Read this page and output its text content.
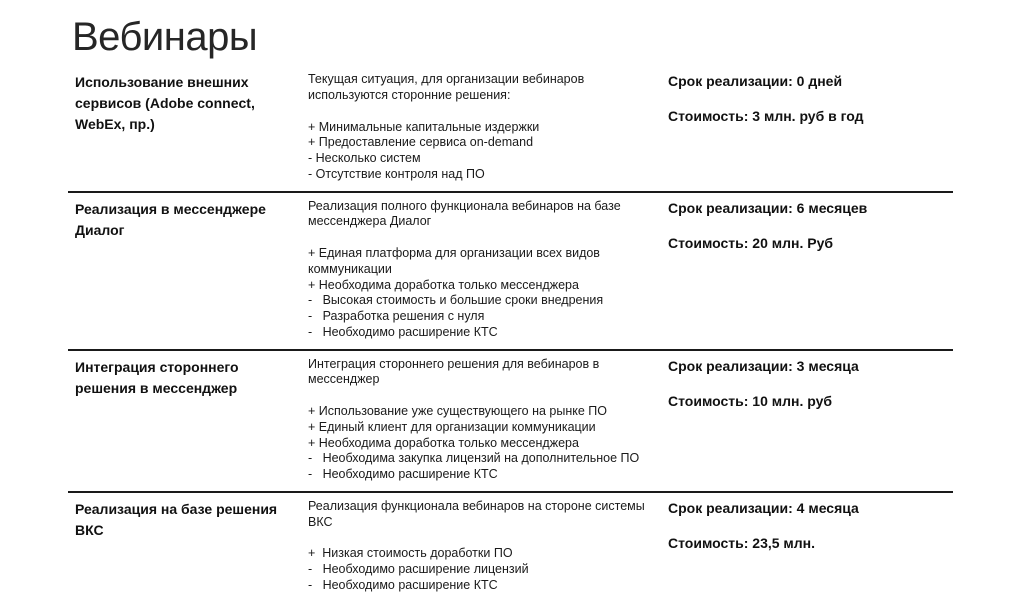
Вебинары
Использование внешних сервисов (Adobe connect, WebEx, пр.)
Текущая ситуация, для организации вебинаров используются сторонние решения:
+ Минимальные капитальные издержки
+ Предоставление сервиса on-demand
- Несколько систем
- Отсутствие контроля над ПО
Срок реализации: 0 дней
Стоимость: 3 млн. руб в год
Реализация в мессенджере Диалог
Реализация полного функционала вебинаров на базе мессенджера Диалог
+ Единая платформа для организации всех видов коммуникации
+ Необходима доработка только мессенджера
-   Высокая стоимость и большие сроки внедрения
-   Разработка решения с нуля
-   Необходимо расширение КТС
Срок реализации: 6 месяцев
Стоимость: 20 млн. Руб
Интеграция стороннего решения в мессенджер
Интеграция стороннего решения для вебинаров в мессенджер
+ Использование уже существующего на рынке ПО
+ Единый клиент для организации коммуникации
+ Необходима доработка только мессенджера
-   Необходима закупка лицензий на дополнительное ПО
-   Необходимо расширение КТС
Срок реализации: 3 месяца
Стоимость: 10 млн. руб
Реализация на базе решения ВКС
Реализация функционала вебинаров на стороне системы ВКС
+  Низкая стоимость доработки ПО
-   Необходимо расширение лицензий
-   Необходимо расширение КТС
Срок реализации: 4 месяца
Стоимость: 23,5 млн.
